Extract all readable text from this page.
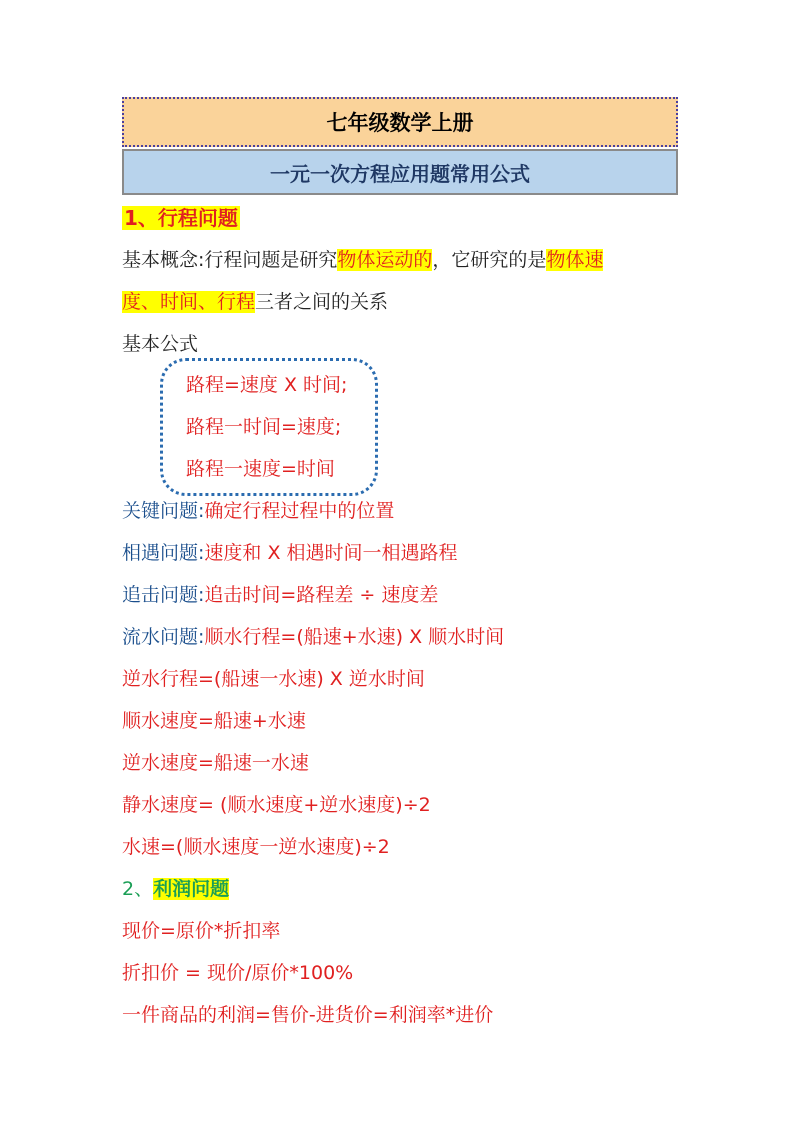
七年级数学上册
一元一次方程应用题常用公式
1、行程问题
基本概念:行程问题是研究物体运动的，它研究的是物体速
度、时间、行程三者之间的关系
基本公式
路程=速度 X 时间;
路程一时间=速度;
路程一速度=时间
关键问题:确定行程过程中的位置
相遇问题:速度和 X 相遇时间一相遇路程
追击问题:追击时间=路程差 ÷ 速度差
流水问题:顺水行程=(船速+水速) X 顺水时间
逆水行程=(船速一水速) X 逆水时间
顺水速度=船速+水速
逆水速度=船速一水速
静水速度= (顺水速度+逆水速度)÷2
水速=(顺水速度一逆水速度)÷2
2、利润问题
现价=原价*折扣率
折扣价 = 现价/原价*100%
一件商品的利润=售价-进货价=利润率*进价
